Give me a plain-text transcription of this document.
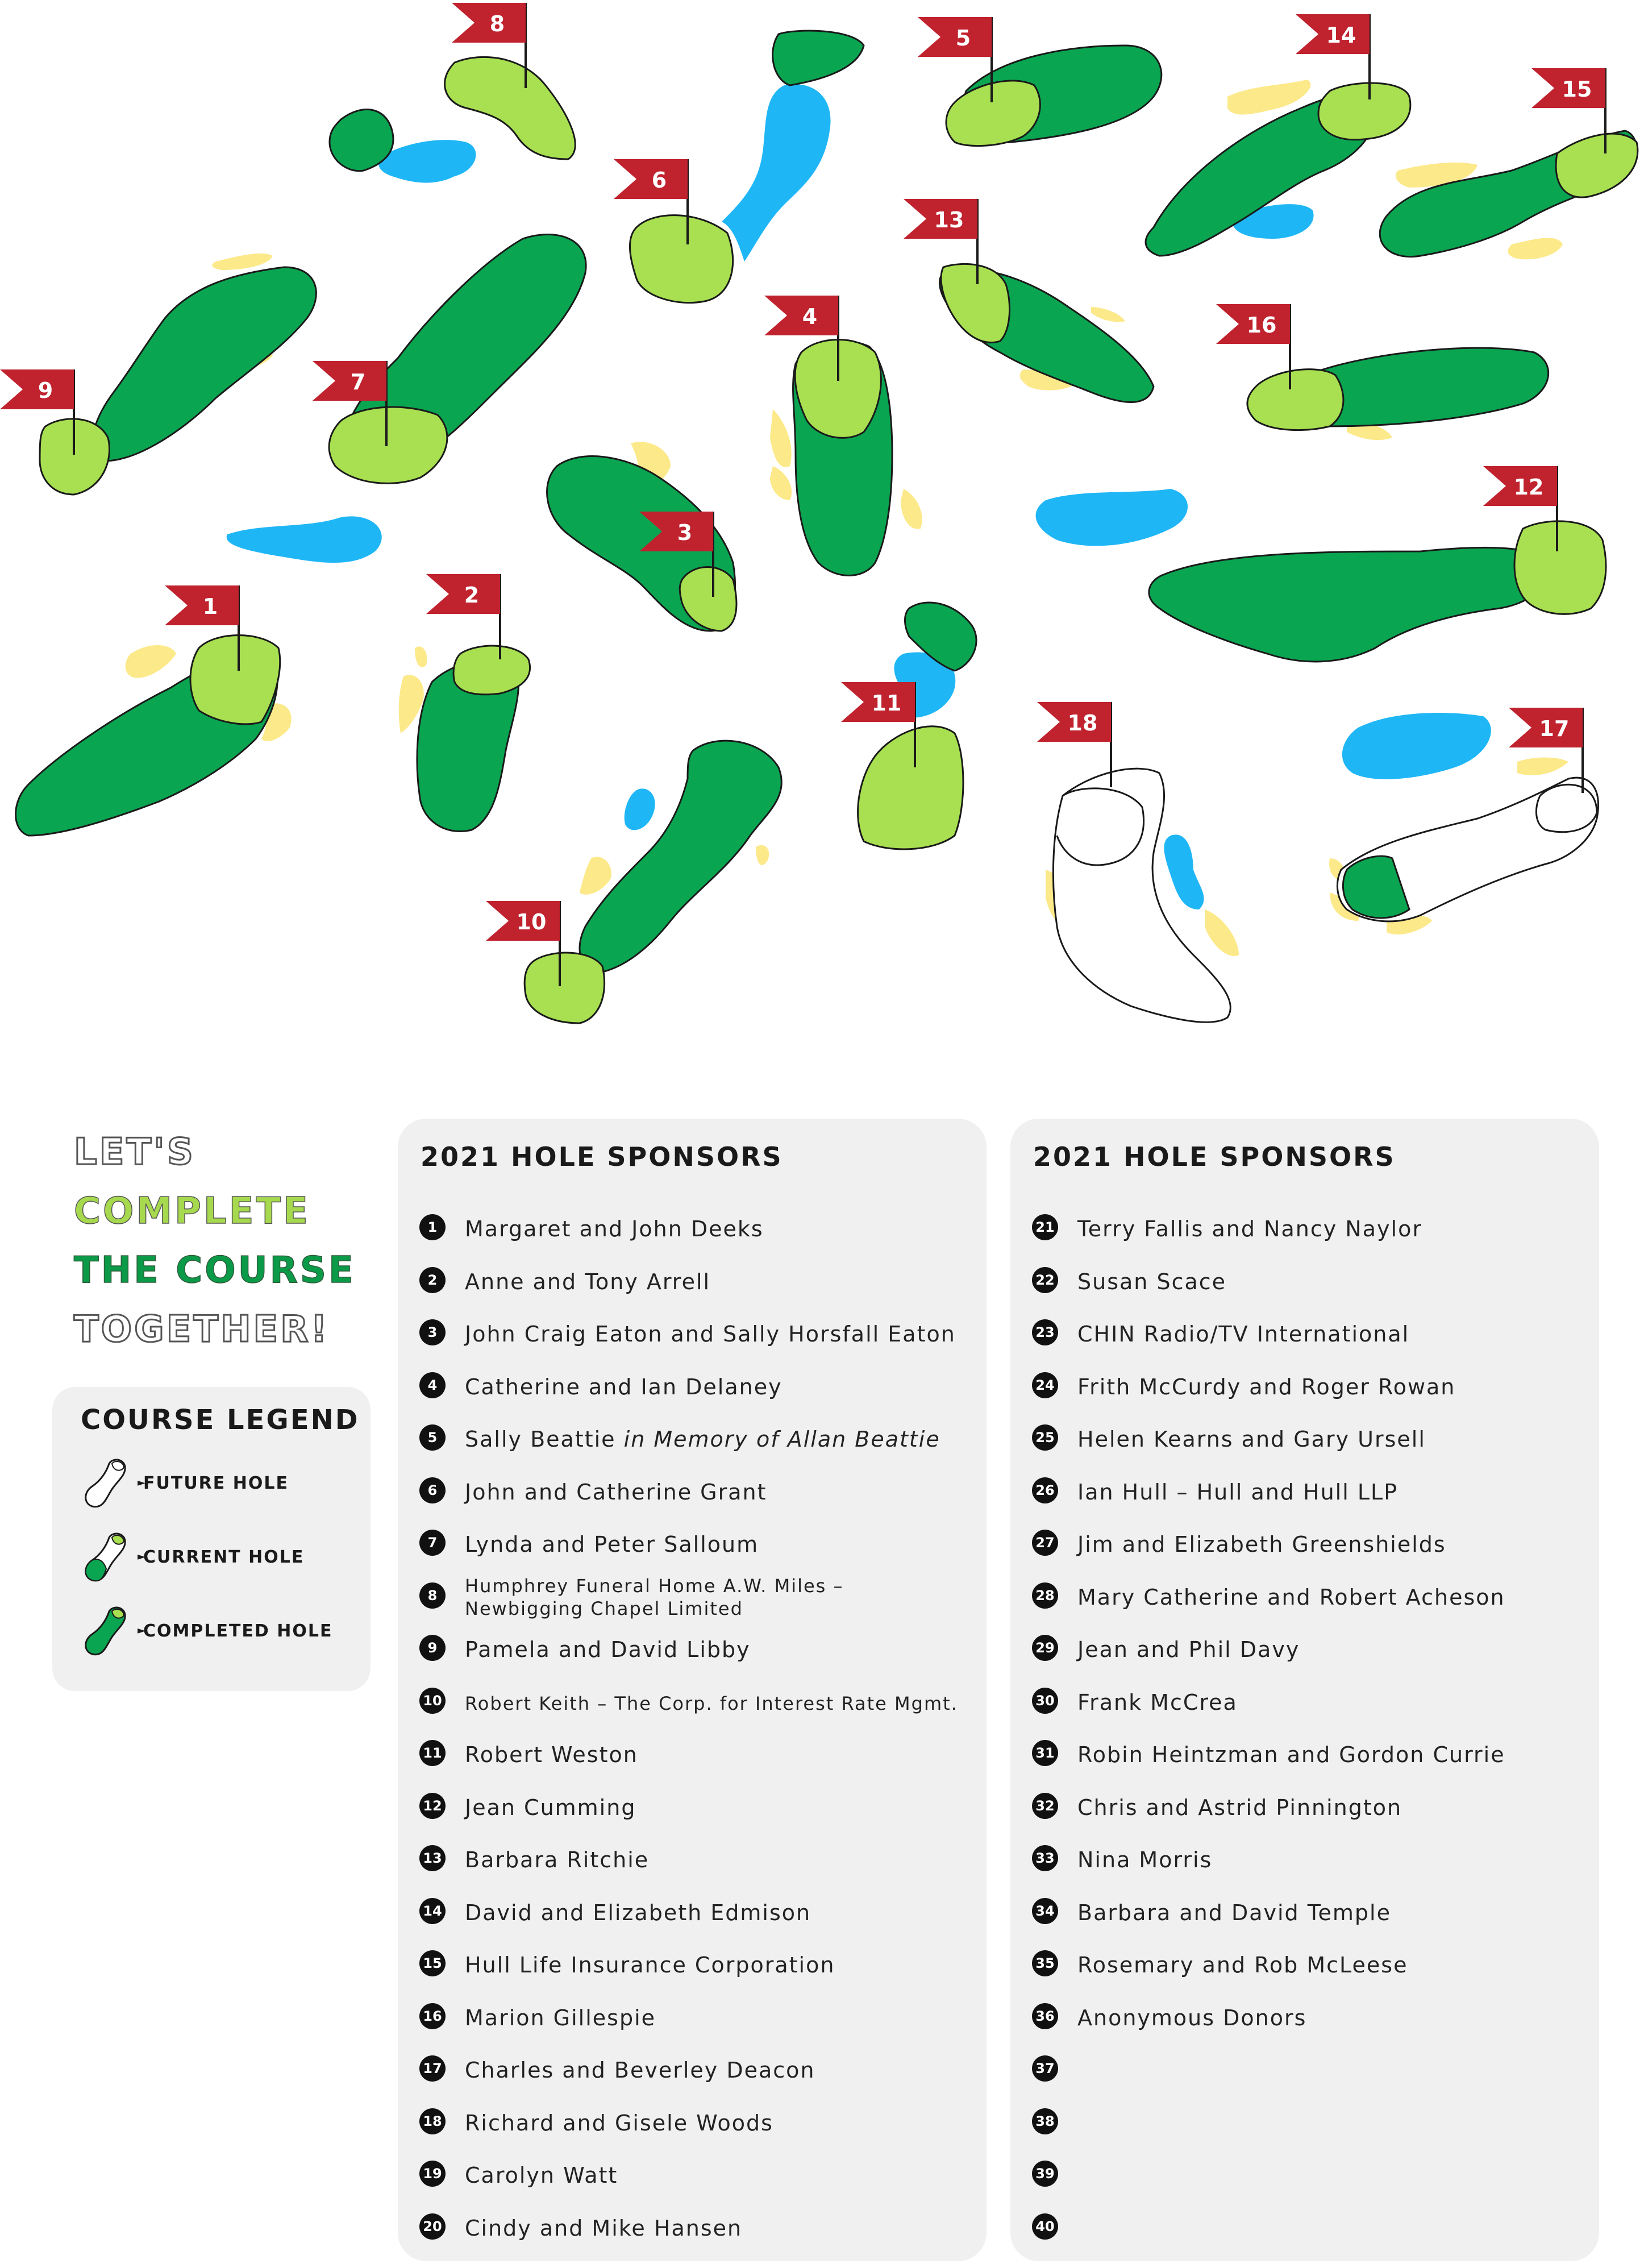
1	2
3
4
5
6
7
8
9
10
11
12
13
14
15
16
17
18
LET'S
COMPLETE
THE COURSE
TOGETHER!
COURSE LEGEND
►
FUTURE HOLE
►
CURRENT HOLE
►
COMPLETED HOLE
2021 HOLE SPONSORS
1	Margaret and John Deeks
2	Anne and Tony Arrell
3	John Craig Eaton and Sally Horsfall Eaton
4	Catherine and Ian Delaney
5	Sally Beattie in Memory of Allan Beattie
6	John and Catherine Grant
7	Lynda and Peter Salloum
8	Humphrey Funeral Home A.W. Miles – Newbigging Chapel Limited
9	Pamela and David Libby
10 Robert Keith – The Corp. for Interest Rate Mgmt.
11 Robert Weston
12 Jean Cumming
13 Barbara Ritchie
14 David and Elizabeth Edmison
15 Hull Life Insurance Corporation
16 Marion Gillespie
17 Charles and Beverley Deacon
18 Richard and Gisele Woods
19 Carolyn Watt
20 Cindy and Mike Hansen
2021 HOLE SPONSORS
21 Terry Fallis and Nancy Naylor
22 Susan Scace
23 CHIN Radio/TV International
24 Frith McCurdy and Roger Rowan
25 Helen Kearns and Gary Ursell
26 Ian Hull – Hull and Hull LLP
27 Jim and Elizabeth Greenshields
28 Mary Catherine and Robert Acheson
29 Jean and Phil Davy
30 Frank McCrea
31 Robin Heintzman and Gordon Currie
32 Chris and Astrid Pinnington
33 Nina Morris
34 Barbara and David Temple
35 Rosemary and Rob McLeese
36 Anonymous Donors
37
38
39
40
